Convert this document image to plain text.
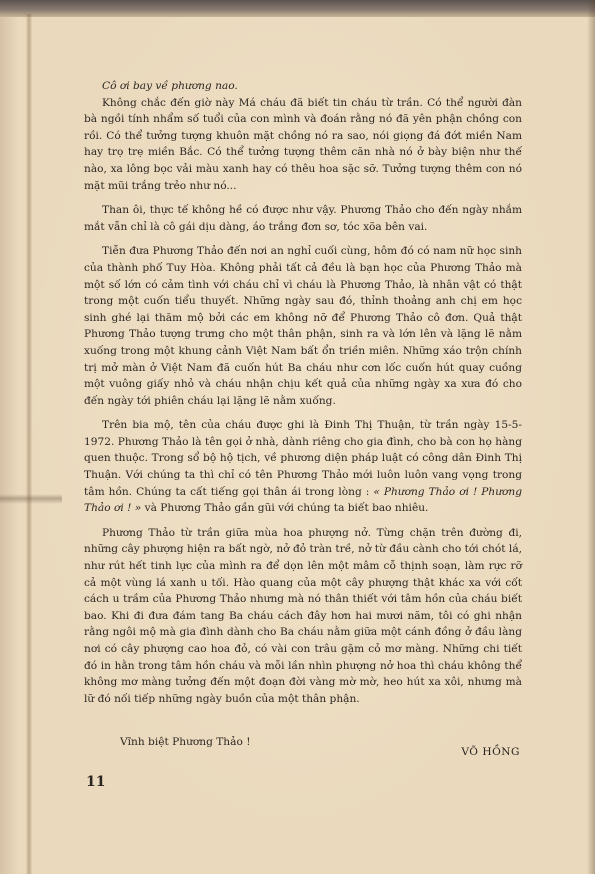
Cô ơi bay về phương nao.

Không chắc đến giờ này Má cháu đã biết tin cháu từ trần. Có thể người đàn bà ngồi tính nhẩm số tuổi của con mình và đoán rằng nó đã yên phận chồng con rồi. Có thể tưởng tượng khuôn mặt chồng nó ra sao, nói giọng đá đớt miền Nam hay trọ trẹ miền Bắc. Có thể tưởng tượng thêm căn nhà nó ở bày biện như thế nào, xa lông bọc vải màu xanh hay có thêu hoa sặc sỡ. Tưởng tượng thêm con nó mặt mũi trắng trẻo như nó...

Than ôi, thực tế không hề có được như vậy. Phương Thảo cho đến ngày nhắm mắt vẫn chỉ là cô gái dịu dàng, áo trắng đơn sơ, tóc xõa bên vai.

Tiễn đưa Phương Thảo đến nơi an nghỉ cuối cùng, hôm đó có nam nữ học sinh của thành phố Tuy Hòa. Không phải tất cả đều là bạn học của Phương Thảo mà một số lớn có cảm tình với cháu chỉ vì cháu là Phương Thảo, là nhân vật có thật trong một cuốn tiểu thuyết. Những ngày sau đó, thỉnh thoảng anh chị em học sinh ghé lại thăm mộ bởi các em không nỡ để Phương Thảo cô đơn. Quả thật Phương Thảo tượng trưng cho một thân phận, sinh ra và lớn lên và lặng lẽ nằm xuống trong một khung cảnh Việt Nam bất ổn triền miên. Những xáo trộn chính trị mở màn ở Việt Nam đã cuốn hút Ba cháu như cơn lốc cuốn hút quay cuồng một vuông giấy nhỏ và cháu nhận chịu kết quả của những ngày xa xưa đó cho đến ngày tới phiên cháu lại lặng lẽ nằm xuống.

Trên bia mộ, tên của cháu được ghi là Đinh Thị Thuận, từ trần ngày 15-5-1972. Phương Thảo là tên gọi ở nhà, dành riêng cho gia đình, cho bà con họ hàng quen thuộc. Trong sổ bộ hộ tịch, về phương diện pháp luật có công dân Đinh Thị Thuận. Với chúng ta thì chỉ có tên Phương Thảo mới luôn luôn vang vọng trong tâm hồn. Chúng ta cất tiếng gọi thân ái trong lòng : « Phương Thảo ơi ! Phương Thảo ơi ! » và Phương Thảo gần gũi với chúng ta biết bao nhiêu.

Phương Thảo từ trần giữa mùa hoa phượng nở. Từng chặn trên đường đi, những cây phượng hiện ra bất ngờ, nở đỏ tràn trề, nở từ đầu cành cho tới chót lá, như rút hết tinh lực của mình ra để dọn lên một mâm cỗ thịnh soạn, làm rực rỡ cả một vùng lá xanh u tối. Hào quang của một cây phượng thật khác xa với cốt cách u trầm của Phương Thảo nhưng mà nó thân thiết với tâm hồn của cháu biết bao. Khi đi đưa đám tang Ba cháu cách đây hơn hai mươi năm, tôi có ghi nhận rằng ngôi mộ mà gia đình dành cho Ba cháu nằm giữa một cánh đồng ở đầu làng nơi có cây phượng cao hoa đỏ, có vài con trâu gặm cỏ mơ màng. Những chi tiết đó in hằn trong tâm hồn cháu và mỗi lần nhìn phượng nở hoa thì cháu không thể không mơ màng tưởng đến một đoạn đời vàng mờ mờ, heo hút xa xôi, nhưng mà lữ đó nối tiếp những ngày buồn của một thân phận.

Vĩnh biệt Phương Thảo !
VÕ HỒNG
11
